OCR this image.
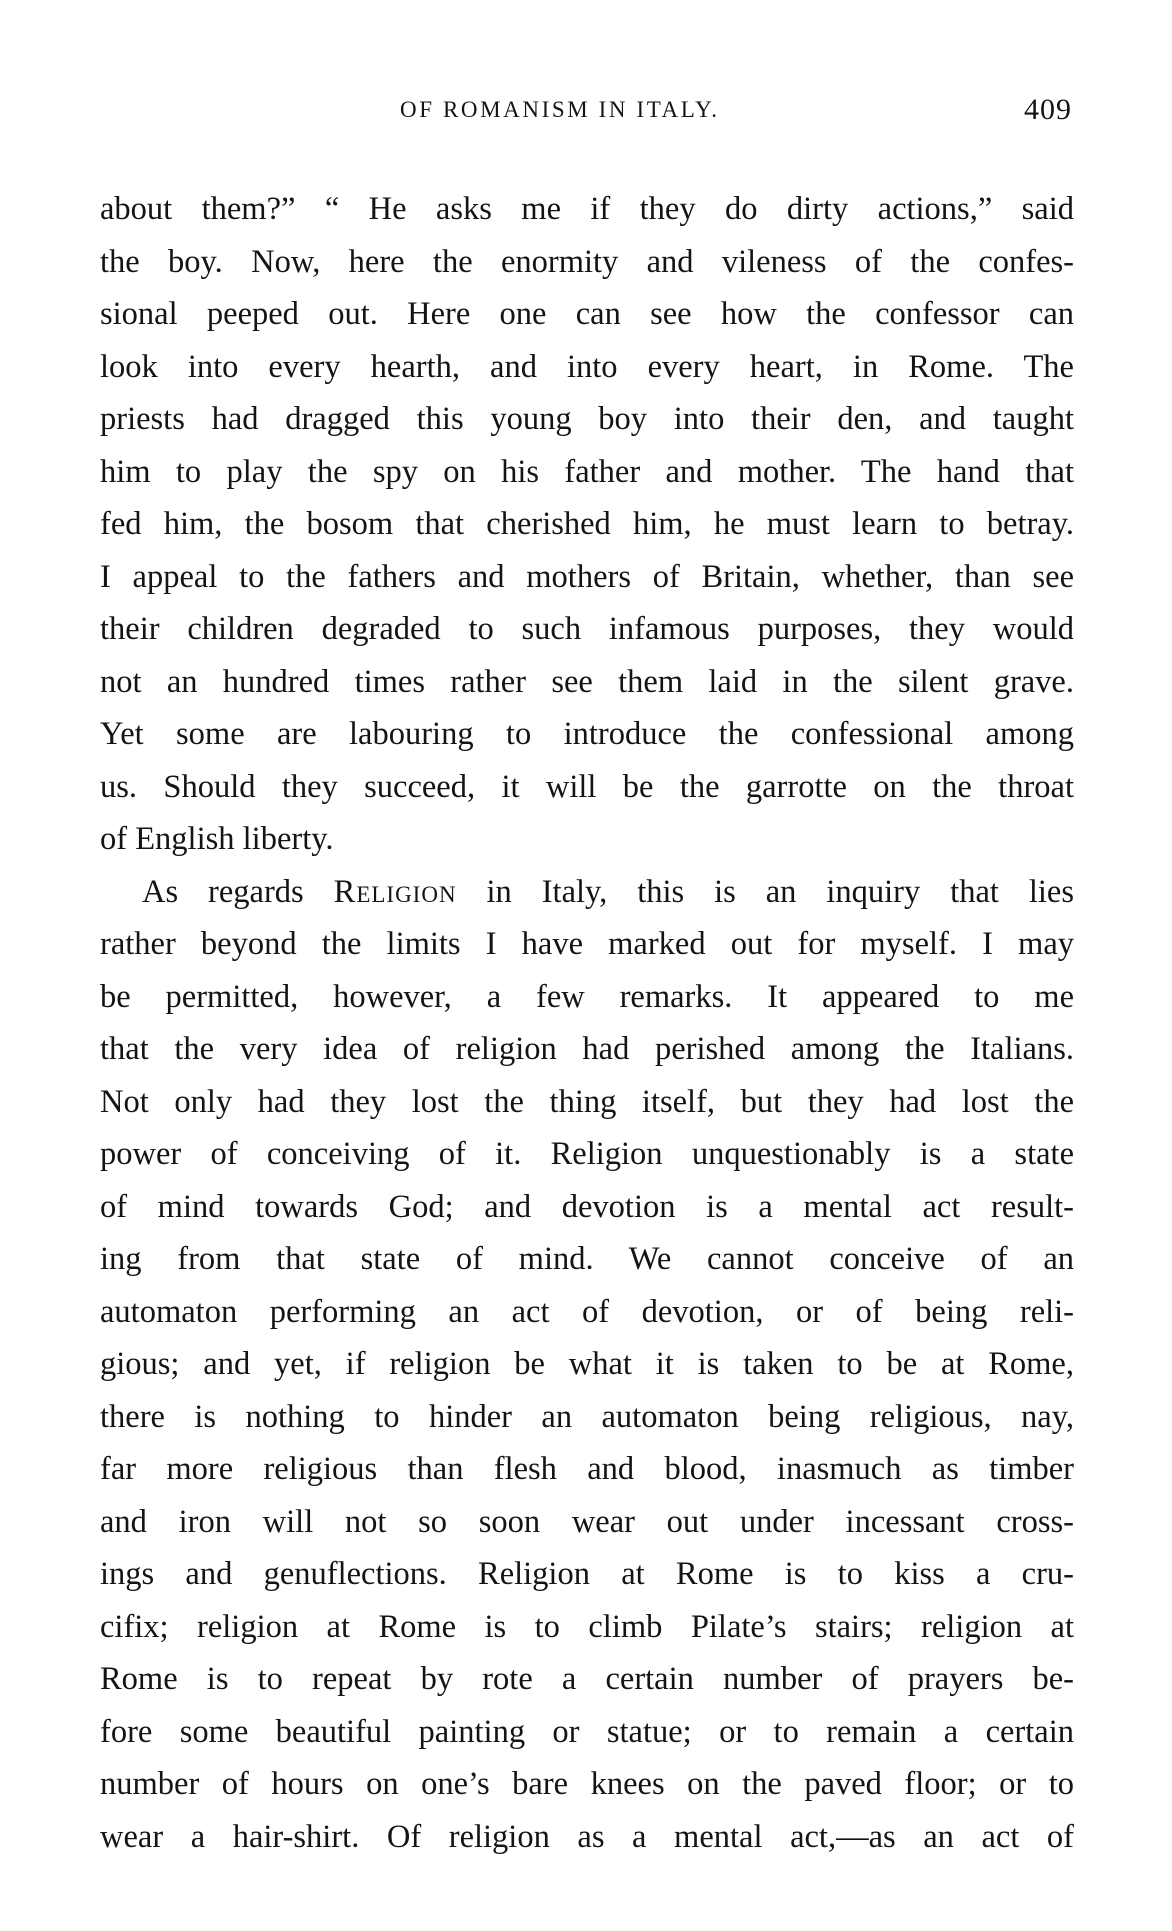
OF ROMANISM IN ITALY.	409
about them?” “ He asks me if they do dirty actions,” said
the boy. Now, here the enormity and vileness of the confes-
sional peeped out. Here one can see how the confessor can
look into every hearth, and into every heart, in Rome. The
priests had dragged this young boy into their den, and taught
him to play the spy on his father and mother. The hand that
fed him, the bosom that cherished him, he must learn to betray.
I appeal to the fathers and mothers of Britain, whether, than see
their children degraded to such infamous purposes, they would
not an hundred times rather see them laid in the silent grave.
Yet some are labouring to introduce the confessional among
us. Should they succeed, it will be the garrotte on the throat
of English liberty.
As regards Religion in Italy, this is an inquiry that lies
rather beyond the limits I have marked out for myself. I may
be permitted, however, a few remarks. It appeared to me
that the very idea of religion had perished among the Italians.
Not only had they lost the thing itself, but they had lost the
power of conceiving of it. Religion unquestionably is a state
of mind towards God; and devotion is a mental act result-
ing from that state of mind. We cannot conceive of an
automaton performing an act of devotion, or of being reli-
gious; and yet, if religion be what it is taken to be at Rome,
there is nothing to hinder an automaton being religious, nay,
far more religious than flesh and blood, inasmuch as timber
and iron will not so soon wear out under incessant cross-
ings and genuflections. Religion at Rome is to kiss a cru-
cifix; religion at Rome is to climb Pilate’s stairs; religion at
Rome is to repeat by rote a certain number of prayers be-
fore some beautiful painting or statue; or to remain a certain
number of hours on one’s bare knees on the paved floor; or to
wear a hair-shirt. Of religion as a mental act,—as an act of
